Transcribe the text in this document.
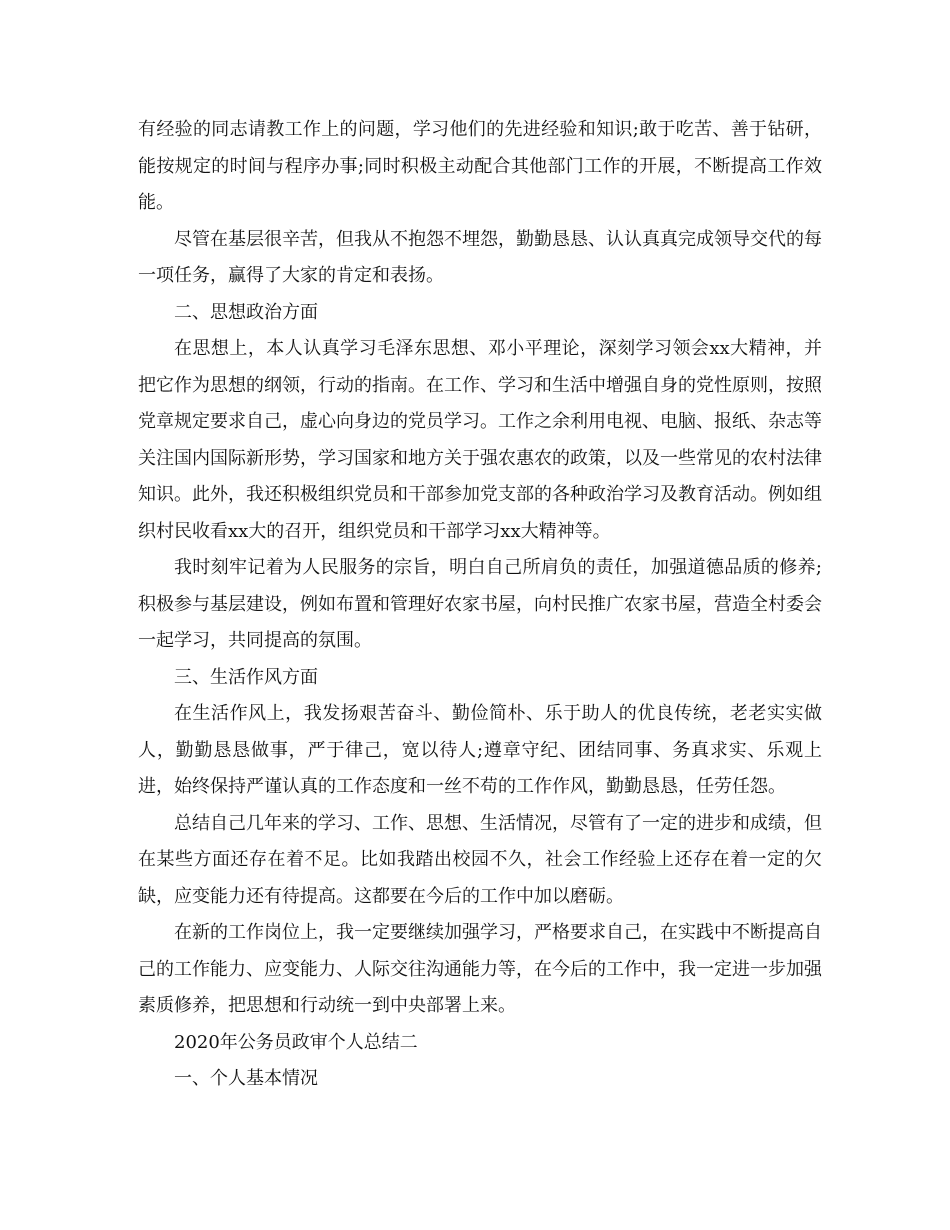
有经验的同志请教工作上的问题，学习他们的先进经验和知识;敢于吃苦、善于钻研，能按规定的时间与程序办事;同时积极主动配合其他部门工作的开展，不断提高工作效能。

尽管在基层很辛苦，但我从不抱怨不埋怨，勤勤恳恳、认认真真完成领导交代的每一项任务，赢得了大家的肯定和表扬。

二、思想政治方面

在思想上，本人认真学习毛泽东思想、邓小平理论，深刻学习领会xx大精神，并把它作为思想的纲领，行动的指南。在工作、学习和生活中增强自身的党性原则，按照党章规定要求自己，虚心向身边的党员学习。工作之余利用电视、电脑、报纸、杂志等关注国内国际新形势，学习国家和地方关于强农惠农的政策，以及一些常见的农村法律知识。此外，我还积极组织党员和干部参加党支部的各种政治学习及教育活动。例如组织村民收看xx大的召开，组织党员和干部学习xx大精神等。

我时刻牢记着为人民服务的宗旨，明白自己所肩负的责任，加强道德品质的修养;积极参与基层建设，例如布置和管理好农家书屋，向村民推广农家书屋，营造全村委会一起学习，共同提高的氛围。

三、生活作风方面

在生活作风上，我发扬艰苦奋斗、勤俭简朴、乐于助人的优良传统，老老实实做人，勤勤恳恳做事，严于律己，宽以待人;遵章守纪、团结同事、务真求实、乐观上进，始终保持严谨认真的工作态度和一丝不苟的工作作风，勤勤恳恳，任劳任怨。

总结自己几年来的学习、工作、思想、生活情况，尽管有了一定的进步和成绩，但在某些方面还存在着不足。比如我踏出校园不久，社会工作经验上还存在着一定的欠缺，应变能力还有待提高。这都要在今后的工作中加以磨砺。

在新的工作岗位上，我一定要继续加强学习，严格要求自己，在实践中不断提高自己的工作能力、应变能力、人际交往沟通能力等，在今后的工作中，我一定进一步加强素质修养，把思想和行动统一到中央部署上来。

2020年公务员政审个人总结二

一、个人基本情况
